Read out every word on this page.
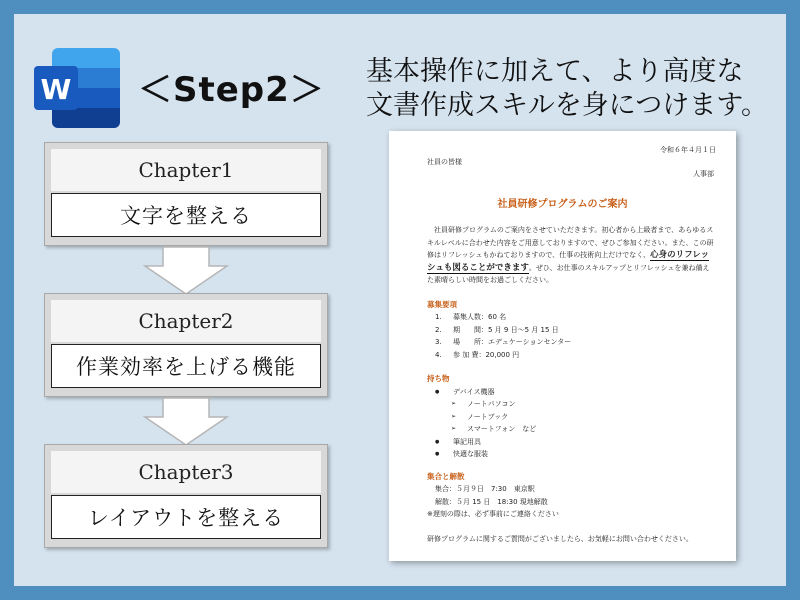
W ＜Step2＞ 基本操作に加えて、より高度な
文書作成スキルを身につけます。
Chapter1
文字を整える
Chapter2
作業効率を上げる機能
Chapter3
レイアウトを整える
令和６年４月１日
社員の皆様
人事部
社員研修プログラムのご案内

　社員研修プログラムのご案内をさせていただきます。初心者から上級者まで、あらゆるスキルレベルに合わせた内容をご用意しておりますので、ぜひご参加ください。また、この研修はリフレッシュもかねておりますので、仕事の技術向上だけでなく、心身のリフレッシュも図ることができます。ぜひ、お仕事のスキルアップとリフレッシュを兼ね備えた素晴らしい時間をお過ごしください。

募集要項
1.	募集人数：60 名
2.	期　　間：5 月 9 日～5 月 15 日
3.	場　　所：エデュケーションセンター
4.	参 加 費：20,000 円
持ち物
● デバイス機器
➢ ノートパソコン
➢ ノートブック
➢ スマートフォン　など
● 筆記用具
● 快適な服装
集合と解散
集合：５月９日　7:30　東京駅
解散：５月 15 日　18:30 現地解散
※遅刻の際は、必ず事前にご連絡ください
研修プログラムに関するご質問がございましたら、お気軽にお問い合わせください。
